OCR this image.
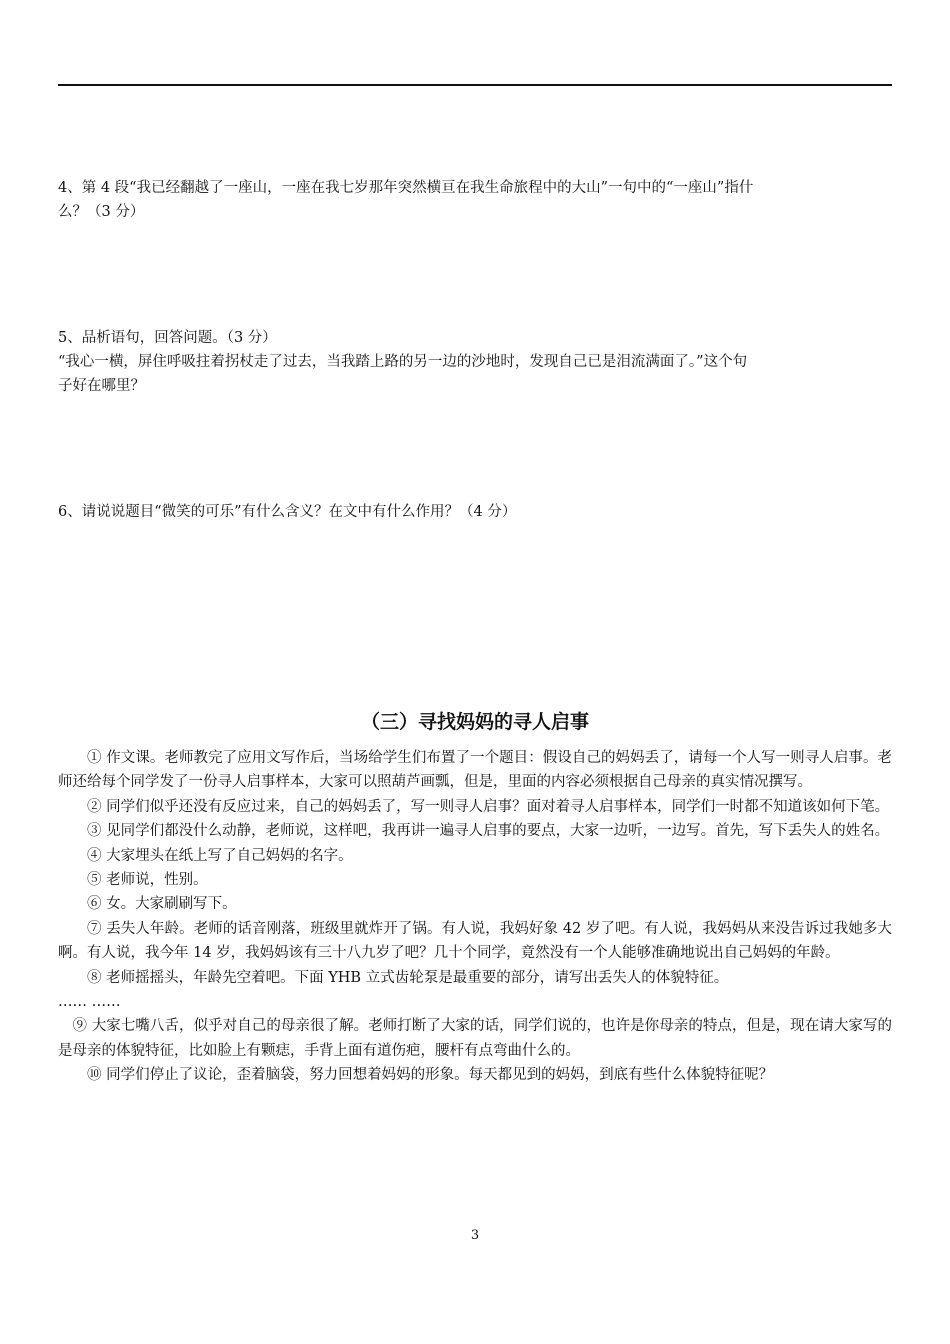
4、第 4 段“我已经翻越了一座山，一座在我七岁那年突然横亘在我生命旅程中的大山”一句中的“一座山”指什

么？（3 分）

5、品析语句，回答问题。（3 分）

“我心一横，屏住呼吸拄着拐杖走了过去，当我踏上路的另一边的沙地时，发现自己已是泪流满面了。”这个句

子好在哪里？

6、请说说题目“微笑的可乐”有什么含义？在文中有什么作用？（4 分）

（三）寻找妈妈的寻人启事

① 作文课。老师教完了应用文写作后，当场给学生们布置了一个题目：假设自己的妈妈丢了，请每一个人写一则寻人启事。老师还给每个同学发了一份寻人启事样本，大家可以照葫芦画瓢，但是，里面的内容必须根据自己母亲的真实情况撰写。

② 同学们似乎还没有反应过来，自己的妈妈丢了，写一则寻人启事？面对着寻人启事样本，同学们一时都不知道该如何下笔。

③ 见同学们都没什么动静，老师说，这样吧，我再讲一遍寻人启事的要点，大家一边听，一边写。首先，写下丢失人的姓名。

④ 大家埋头在纸上写了自己妈妈的名字。

⑤ 老师说，性别。

⑥ 女。大家刷刷写下。

⑦ 丢失人年龄。老师的话音刚落，班级里就炸开了锅。有人说，我妈好象 42 岁了吧。有人说，我妈妈从来没告诉过我她多大啊。有人说，我今年 14 岁，我妈妈该有三十八九岁了吧？几十个同学，竟然没有一个人能够准确地说出自己妈妈的年龄。

⑧ 老师摇摇头，年龄先空着吧。下面 YHB 立式齿轮泵是最重要的部分，请写出丢失人的体貌特征。

…… ……

⑨ 大家七嘴八舌，似乎对自己的母亲很了解。老师打断了大家的话，同学们说的，也许是你母亲的特点，但是，现在请大家写的是母亲的体貌特征，比如脸上有颗痣，手背上面有道伤疤，腰杆有点弯曲什么的。

⑩ 同学们停止了议论，歪着脑袋，努力回想着妈妈的形象。每天都见到的妈妈，到底有些什么体貌特征呢？

3
